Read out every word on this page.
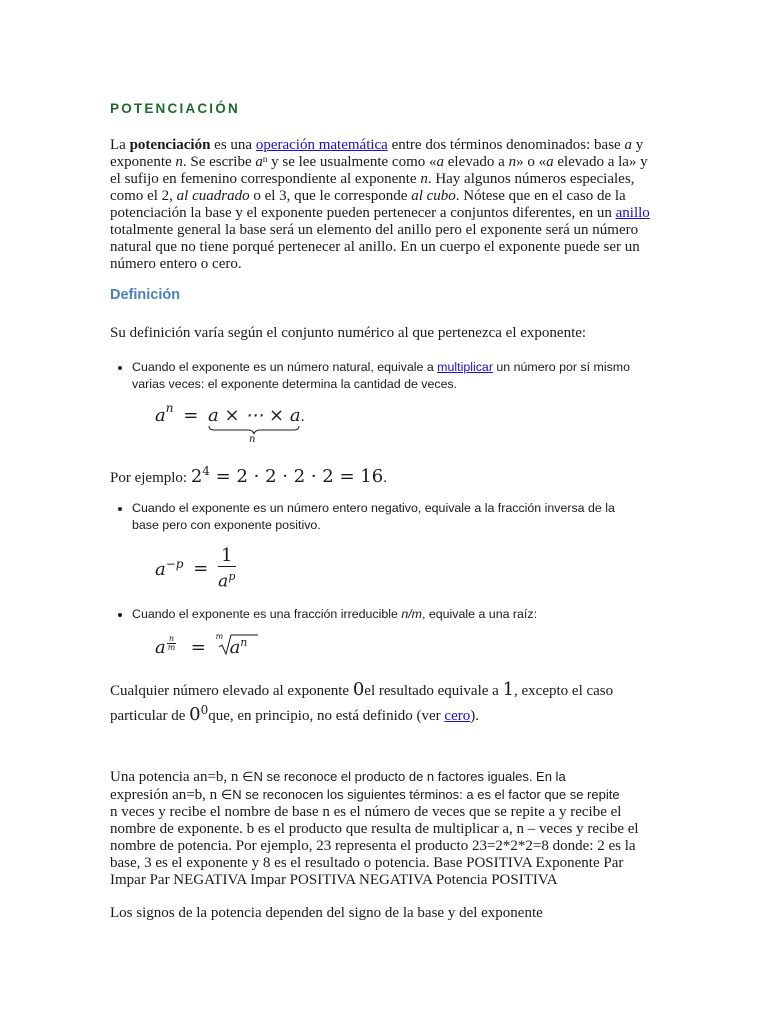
POTENCIACIÓN
La potenciación es una operación matemática entre dos términos denominados: base a y exponente n. Se escribe $a^n$ y se lee usualmente como «a elevado a n» o «a elevado a la» y el sufijo en femenino correspondiente al exponente n. Hay algunos números especiales, como el 2, al cuadrado o el 3, que le corresponde al cubo. Nótese que en el caso de la potenciación la base y el exponente pueden pertenecer a conjuntos diferentes, en un anillo totalmente general la base será un elemento del anillo pero el exponente será un número natural que no tiene porqué pertenecer al anillo. En un cuerpo el exponente puede ser un número entero o cero.
Definición
Su definición varía según el conjunto numérico al que pertenezca el exponente:
Cuando el exponente es un número natural, equivale a multiplicar un número por sí mismo varias veces: el exponente determina la cantidad de veces.
$a^n = a$ × ⋯ × a
n
.
Por ejemplo: $2^4 = 2 \cdot 2 \cdot 2 \cdot 2 = 16$.
Cuando el exponente es un número entero negativo, equivale a la fracción inversa de la base pero con exponente positivo.
$a^{-p} = \frac{1}{a^p}$
Cuando el exponente es una fracción irreducible n/m, equivale a una raíz:
a n
m =
m
$a^n$
Cualquier número elevado al exponente 0el resultado equivale a 1, excepto el caso particular de $0^0que$, en principio, no está definido (ver cero).
Una potencia an=b, n ∈N se reconoce el producto de n factores iguales. En la
expresión an=b, n ∈N se reconocen los siguientes términos: a es el factor que se repite
n veces y recibe el nombre de base n es el número de veces que se repite a y recibe el nombre de exponente. b es el producto que resulta de multiplicar a, n – veces y recibe el nombre de potencia. Por ejemplo, 23 representa el producto 23=2*2*2=8 donde: 2 es la base, 3 es el exponente y 8 es el resultado o potencia. Base POSITIVA Exponente Par Impar Par NEGATIVA Impar POSITIVA NEGATIVA Potencia POSITIVA
Los signos de la potencia dependen del signo de la base y del exponente
